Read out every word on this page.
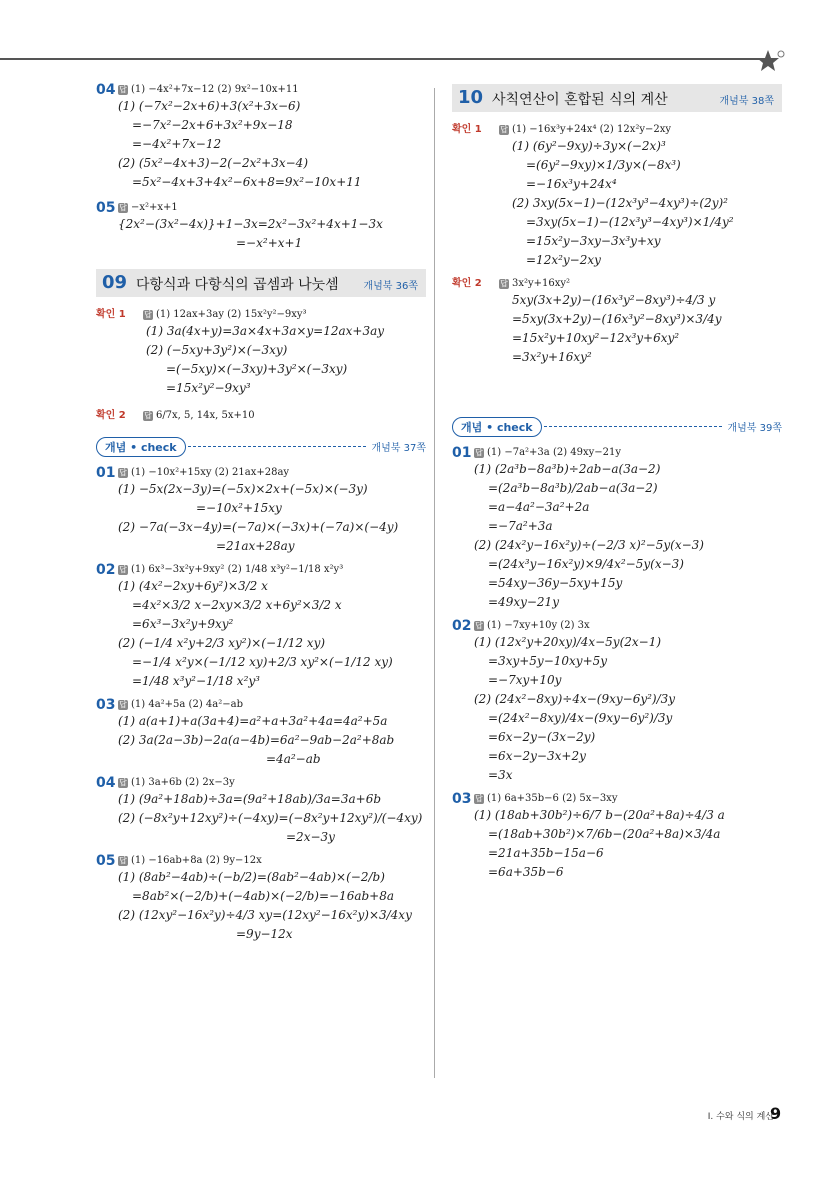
04 답 (1) −4x²+7x−12 (2) 9x²−10x+11
(1) (−7x²−2x+6)+3(x²+3x−6)
=−7x²−2x+6+3x²+9x−18
=−4x²+7x−12
(2) (5x²−4x+3)−2(−2x²+3x−4)
=5x²−4x+3+4x²−6x+8=9x²−10x+11
05 답 −x²+x+1
{2x²−(3x²−4x)}+1−3x=2x²−3x²+4x+1−3x
=−x²+x+1
09 다항식과 다항식의 곱셈과 나눗셈 개념북 36쪽
확인 1 답 (1) 12ax+3ay (2) 15x²y²−9xy³
(1) 3a(4x+y)=3a×4x+3a×y=12ax+3ay
(2) (−5xy+3y²)×(−3xy)
=(−5xy)×(−3xy)+3y²×(−3xy)
=15x²y²−9xy³
확인 2 답 6/7x, 5, 14x, 5x+10
개념 • check	개념북 37쪽
01 답 (1) −10x²+15xy (2) 21ax+28ay
(1) −5x(2x−3y)=(−5x)×2x+(−5x)×(−3y)
=−10x²+15xy
(2) −7a(−3x−4y)=(−7a)×(−3x)+(−7a)×(−4y)
=21ax+28ay
02 답 (1) 6x³−3x²y+9xy² (2) 1/48 x³y²−1/18 x²y³
(1) (4x²−2xy+6y²)×3/2 x
=4x²×3/2 x−2xy×3/2 x+6y²×3/2 x
=6x³−3x²y+9xy²
(2) (−1/4 x²y+2/3 xy²)×(−1/12 xy)
=−1/4 x²y×(−1/12 xy)+2/3 xy²×(−1/12 xy)
=1/48 x³y²−1/18 x²y³
03 답 (1) 4a²+5a (2) 4a²−ab
(1) a(a+1)+a(3a+4)=a²+a+3a²+4a=4a²+5a
(2) 3a(2a−3b)−2a(a−4b)=6a²−9ab−2a²+8ab
=4a²−ab
04 답 (1) 3a+6b (2) 2x−3y
(1) (9a²+18ab)÷3a=(9a²+18ab)/3a=3a+6b
(2) (−8x²y+12xy²)÷(−4xy)=(−8x²y+12xy²)/(−4xy)
=2x−3y
05 답 (1) −16ab+8a (2) 9y−12x
(1) (8ab²−4ab)÷(−b/2)=(8ab²−4ab)×(−2/b)
=8ab²×(−2/b)+(−4ab)×(−2/b)=−16ab+8a
(2) (12xy²−16x²y)÷4/3 xy=(12xy²−16x²y)×3/4xy
=9y−12x
10 사칙연산이 혼합된 식의 계산	개념북 38쪽
확인 1 답 (1) −16x³y+24x⁴ (2) 12x²y−2xy
(1) (6y²−9xy)÷3y×(−2x)³
=(6y²−9xy)×1/3y×(−8x³)
=−16x³y+24x⁴
(2) 3xy(5x−1)−(12x³y³−4xy³)÷(2y)²
=3xy(5x−1)−(12x³y³−4xy³)×1/4y²
=15x²y−3xy−3x³y+xy
=12x²y−2xy
확인 2 답 3x²y+16xy²
5xy(3x+2y)−(16x³y²−8xy³)÷4/3 y
=5xy(3x+2y)−(16x³y²−8xy³)×3/4y
=15x²y+10xy²−12x³y+6xy²
=3x²y+16xy²
개념 • check	개념북 39쪽
01 답 (1) −7a²+3a (2) 49xy−21y
(1) (2a³b−8a³b)÷2ab−a(3a−2)
=(2a³b−8a³b)/2ab−a(3a−2)
=a−4a²−3a²+2a
=−7a²+3a
(2) (24x²y−16x²y)÷(−2/3 x)²−5y(x−3)
=(24x³y−16x²y)×9/4x²−5y(x−3)
=54xy−36y−5xy+15y
=49xy−21y
02 답 (1) −7xy+10y (2) 3x
(1) (12x²y+20xy)/4x−5y(2x−1)
=3xy+5y−10xy+5y
=−7xy+10y
(2) (24x²−8xy)÷4x−(9xy−6y²)/3y
=(24x²−8xy)/4x−(9xy−6y²)/3y
=6x−2y−(3x−2y)
=6x−2y−3x+2y
=3x
03 답 (1) 6a+35b−6 (2) 5x−3xy
(1) (18ab+30b²)÷6/7 b−(20a²+8a)÷4/3 a
=(18ab+30b²)×7/6b−(20a²+8a)×3/4a
=21a+35b−15a−6
=6a+35b−6
Ⅰ. 수와 식의 계산
9
